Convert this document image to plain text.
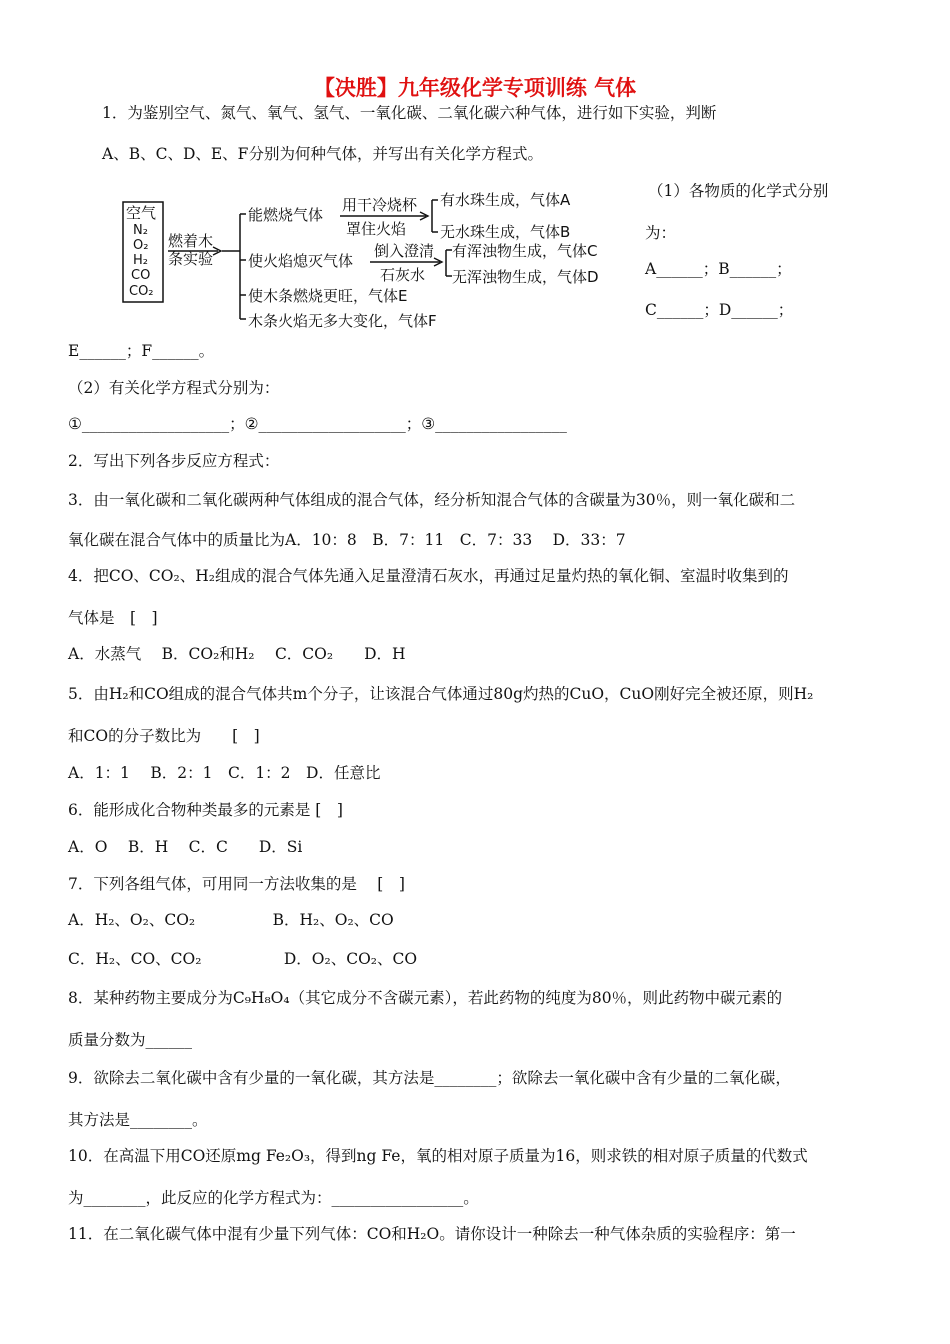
【决胜】九年级化学专项训练 气体
1．为鉴别空气、氮气、氧气、氢气、一氧化碳、二氧化碳六种气体，进行如下实验，判断
A、B、C、D、E、F分别为何种气体，并写出有关化学方程式。
空气
N₂
O₂
H₂
CO
CO₂
燃着木
条实验
能燃烧气体
使火焰熄灭气体
使木条燃烧更旺，气体E
木条火焰无多大变化，气体F
用干冷烧杯
罩住火焰
有水珠生成，气体A
无水珠生成，气体B
倒入澄清
石灰水
有浑浊物生成，气体C
无浑浊物生成，气体D
（1）各物质的化学式分别
为：
A______；B______；
C______；D______；
E______；F______。
（2）有关化学方程式分别为：
①___________________；②___________________；③_________________
2．写出下列各步反应方程式：
3．由一氧化碳和二氧化碳两种气体组成的混合气体，经分析知混合气体的含碳量为30％，则一氧化碳和二
氧化碳在混合气体中的质量比为A．10：8　B．7：11　C．7：33　 D．33：7
4．把CO、CO₂、H₂组成的混合气体先通入足量澄清石灰水，再通过足量灼热的氧化铜、室温时收集到的
气体是　[　]
A．水蒸气　 B．CO₂和H₂　 C．CO₂　　D．H
5．由H₂和CO组成的混合气体共m个分子，让该混合气体通过80g灼热的CuO，CuO刚好完全被还原，则H₂
和CO的分子数比为　　[　]
A．1：1　 B．2：1　C．1：2　D．任意比
6．能形成化合物种类最多的元素是 [　]
A．O　 B．H　 C．C　　D．Si
7．下列各组气体，可用同一方法收集的是　 [　]
A．H₂、O₂、CO₂　　　　　B．H₂、O₂、CO
C．H₂、CO、CO₂　　　　　 D．O₂、CO₂、CO
8．某种药物主要成分为C₉H₈O₄（其它成分不含碳元素），若此药物的纯度为80％，则此药物中碳元素的
质量分数为______
9．欲除去二氧化碳中含有少量的一氧化碳，其方法是________；欲除去一氧化碳中含有少量的二氧化碳，
其方法是________。
10．在高温下用CO还原mg Fe₂O₃，得到ng Fe，氧的相对原子质量为16，则求铁的相对原子质量的代数式
为________，此反应的化学方程式为：_________________。
11．在二氧化碳气体中混有少量下列气体：CO和H₂O。请你设计一种除去一种气体杂质的实验程序：第一
